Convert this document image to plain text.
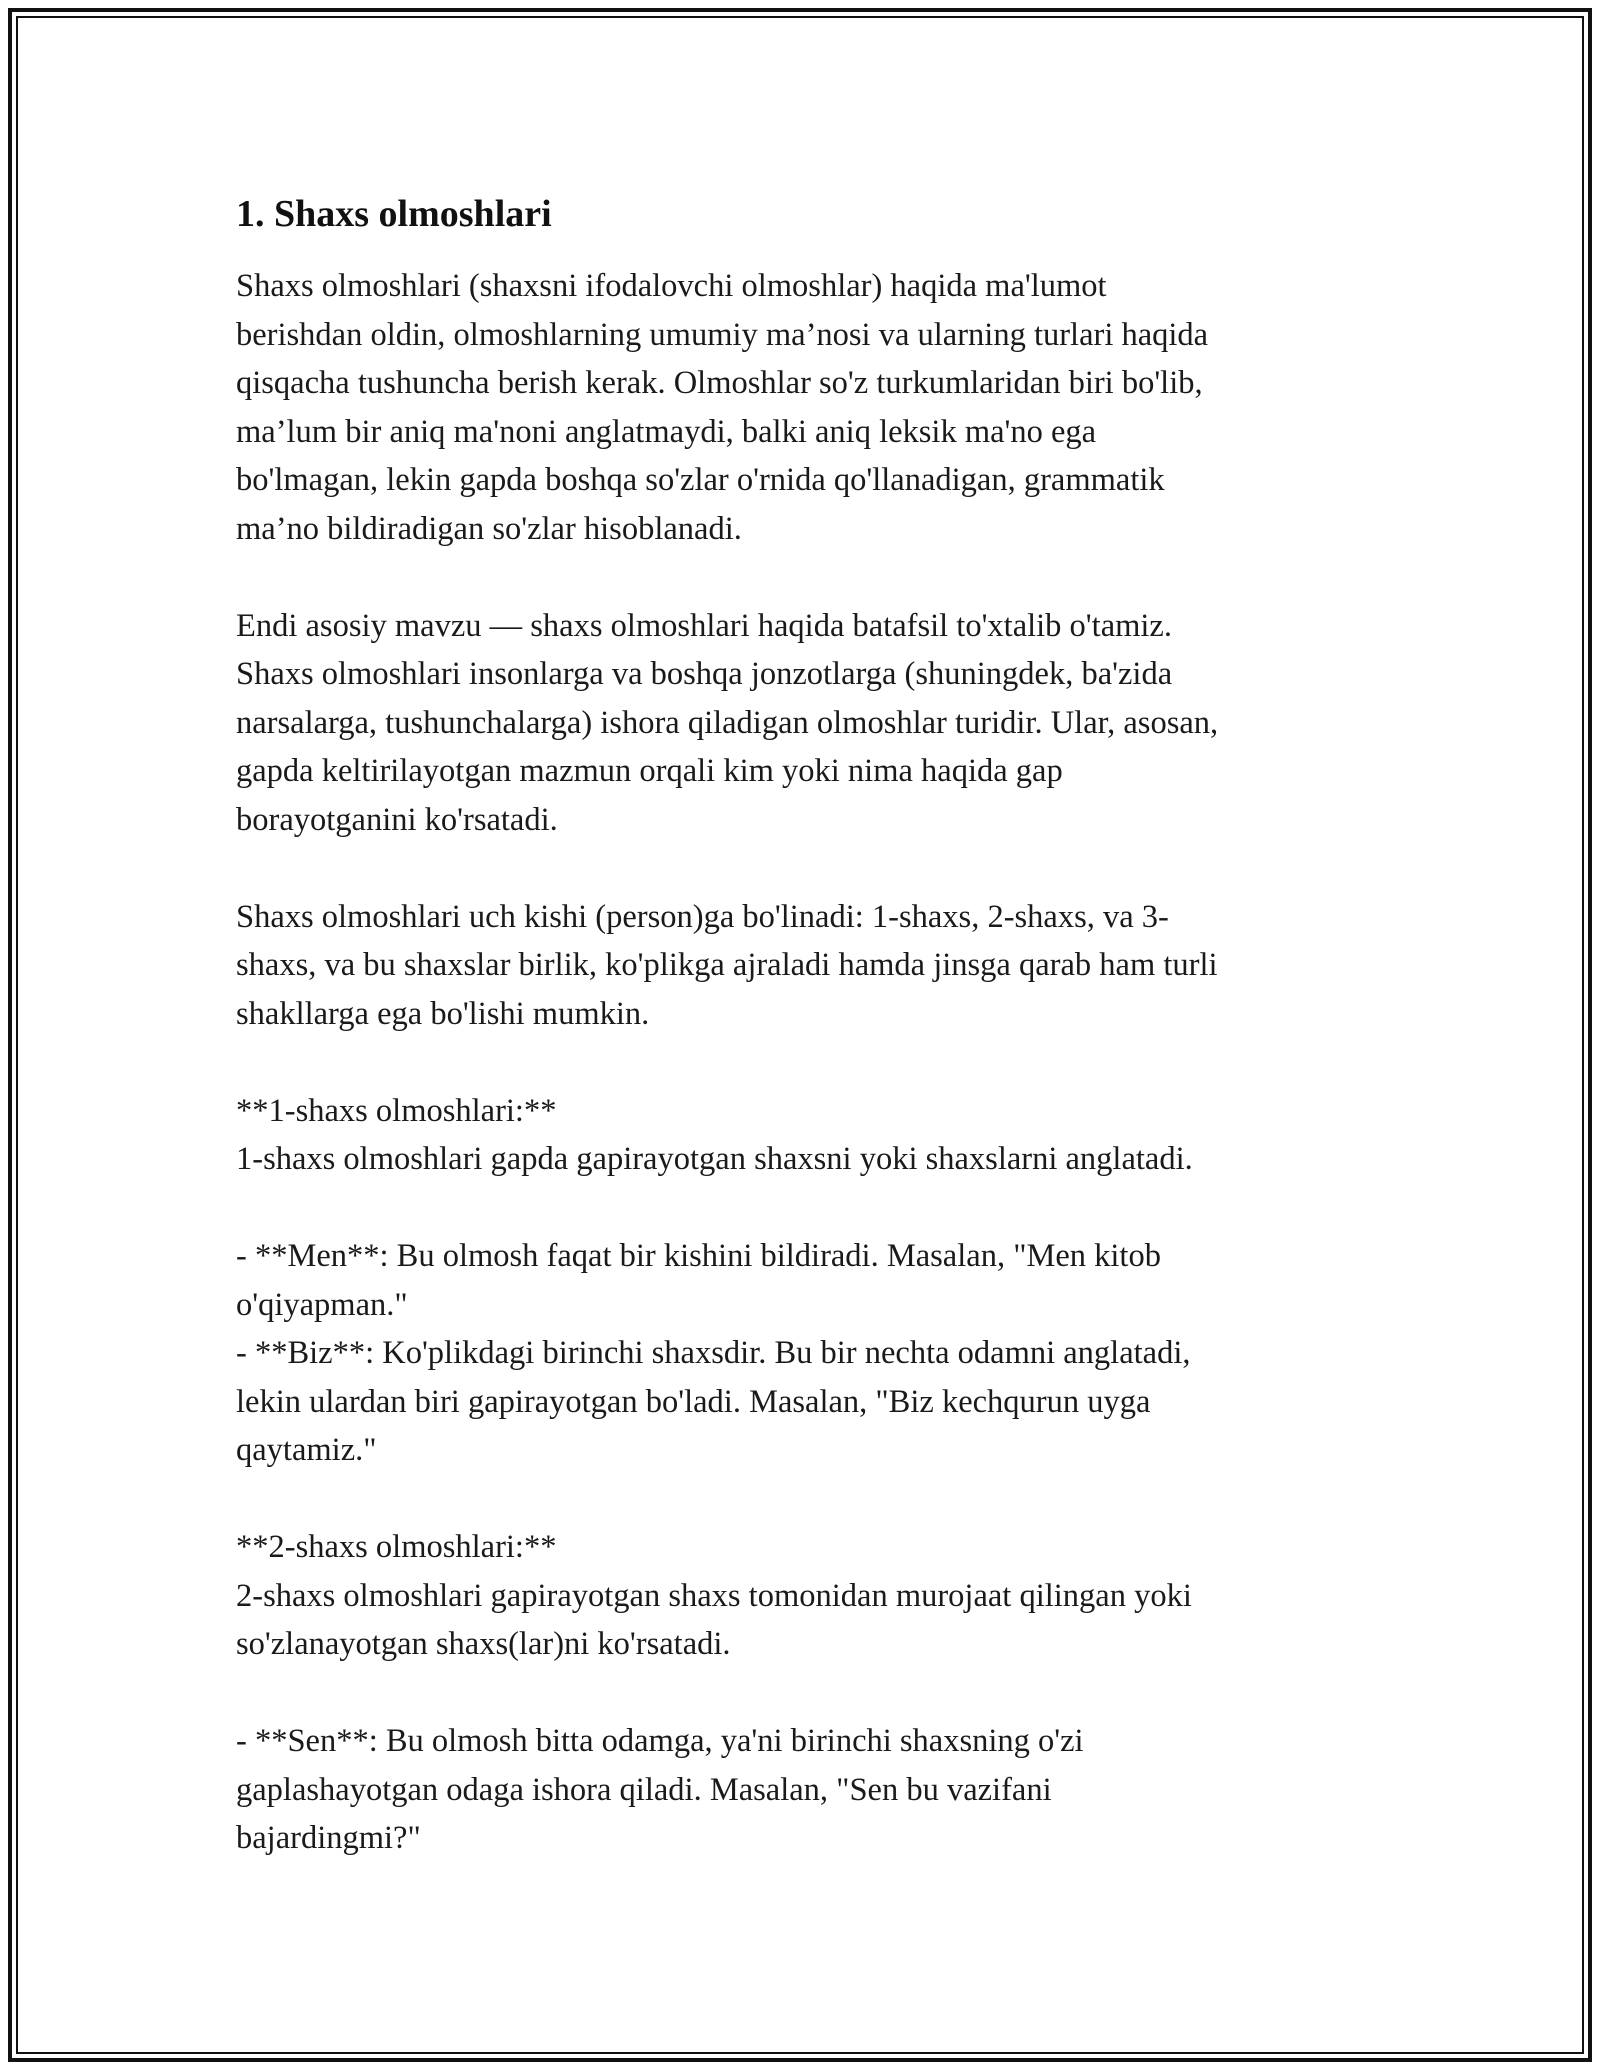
1. Shaxs olmoshlari

Shaxs olmoshlari (shaxsni ifodalovchi olmoshlar) haqida ma'lumot
berishdan oldin, olmoshlarning umumiy ma’nosi va ularning turlari haqida
qisqacha tushuncha berish kerak. Olmoshlar so'z turkumlaridan biri bo'lib,
ma’lum bir aniq ma'noni anglatmaydi, balki aniq leksik ma'no ega
bo'lmagan, lekin gapda boshqa so'zlar o'rnida qo'llanadigan, grammatik
ma’no bildiradigan so'zlar hisoblanadi.

Endi asosiy mavzu — shaxs olmoshlari haqida batafsil to'xtalib o'tamiz.
Shaxs olmoshlari insonlarga va boshqa jonzotlarga (shuningdek, ba'zida
narsalarga, tushunchalarga) ishora qiladigan olmoshlar turidir. Ular, asosan,
gapda keltirilayotgan mazmun orqali kim yoki nima haqida gap
borayotganini ko'rsatadi.

Shaxs olmoshlari uch kishi (person)ga bo'linadi: 1-shaxs, 2-shaxs, va 3-
shaxs, va bu shaxslar birlik, ko'plikga ajraladi hamda jinsga qarab ham turli
shakllarga ega bo'lishi mumkin.

**1-shaxs olmoshlari:**
1-shaxs olmoshlari gapda gapirayotgan shaxsni yoki shaxslarni anglatadi.

- **Men**: Bu olmosh faqat bir kishini bildiradi. Masalan, "Men kitob
o'qiyapman."
- **Biz**: Ko'plikdagi birinchi shaxsdir. Bu bir nechta odamni anglatadi,
lekin ulardan biri gapirayotgan bo'ladi. Masalan, "Biz kechqurun uyga
qaytamiz."

**2-shaxs olmoshlari:**
2-shaxs olmoshlari gapirayotgan shaxs tomonidan murojaat qilingan yoki
so'zlanayotgan shaxs(lar)ni ko'rsatadi.

- **Sen**: Bu olmosh bitta odamga, ya'ni birinchi shaxsning o'zi
gaplashayotgan odaga ishora qiladi. Masalan, "Sen bu vazifani
bajardingmi?"
